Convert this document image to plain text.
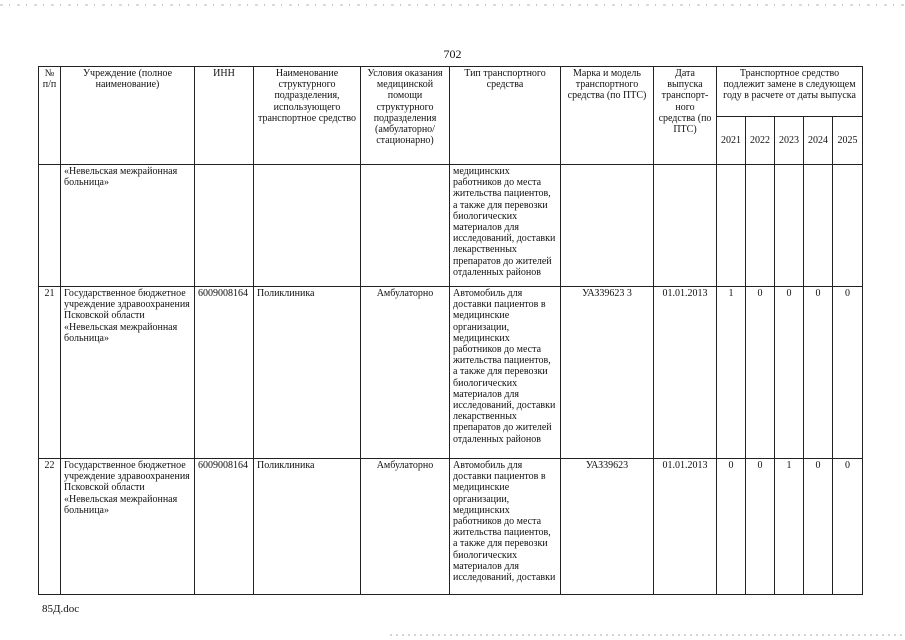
702
№
п/п	Учреждение (полное наименование)	ИНН	Наименование структурного подразделения, использующего транспортное средство	Условия оказания медицинской помощи структурного подразделения (амбулаторно/ стационарно)	Тип транспортного средства	Марка и модель транспортного средства (по ПТС)	Дата выпуска транспорт-ного средства (по ПТС)	Транспортное средство подлежит замене в следующем году в расчете от даты выпуска				
								2021	2022	2023	2024	2025
	«Невельская межрайонная больница»				медицинских работников до места жительства пациентов, а также для перевозки биологических материалов для исследований, доставки лекарственных препаратов до жителей отдаленных районов							
21	Государственное бюджетное учреждение здравоохранения Псковской области «Невельская межрайонная больница»	6009008164	Поликлиника	Амбулаторно	Автомобиль для доставки пациентов в медицинские организации, медицинских работников до места жительства пациентов, а также для перевозки биологических материалов для исследований, доставки лекарственных препаратов до жителей отдаленных районов	УАЗ39623 3	01.01.2013	1	0	0	0	0
22	Государственное бюджетное учреждение здравоохранения Псковской области «Невельская межрайонная больница»	6009008164	Поликлиника	Амбулаторно	Автомобиль для доставки пациентов в медицинские организации, медицинских работников до места жительства пациентов, а также для перевозки биологических материалов для исследований, доставки	УАЗ39623	01.01.2013	0	0	1	0	0
85Д.doc
